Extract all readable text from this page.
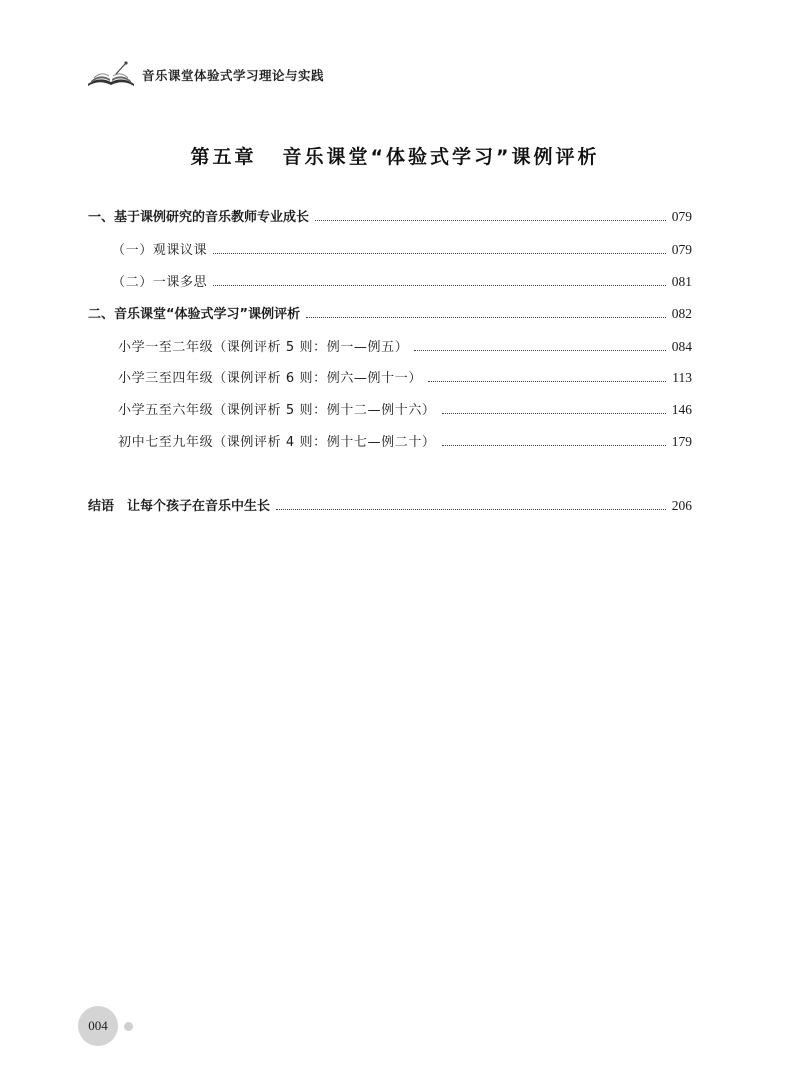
音乐课堂体验式学习理论与实践
第五章 音乐课堂“体验式学习”课例评析
一、基于课例研究的音乐教师专业成长	079
（一）观课议课	079
（二）一课多思	081
二、音乐课堂“体验式学习”课例评析	082
小学一至二年级（课例评析 5 则：例一—例五）	084
小学三至四年级（课例评析 6 则：例六—例十一）	113
小学五至六年级（课例评析 5 则：例十二—例十六）	146
初中七至九年级（课例评析 4 则：例十七—例二十）	179
结语　让每个孩子在音乐中生长	206
004
